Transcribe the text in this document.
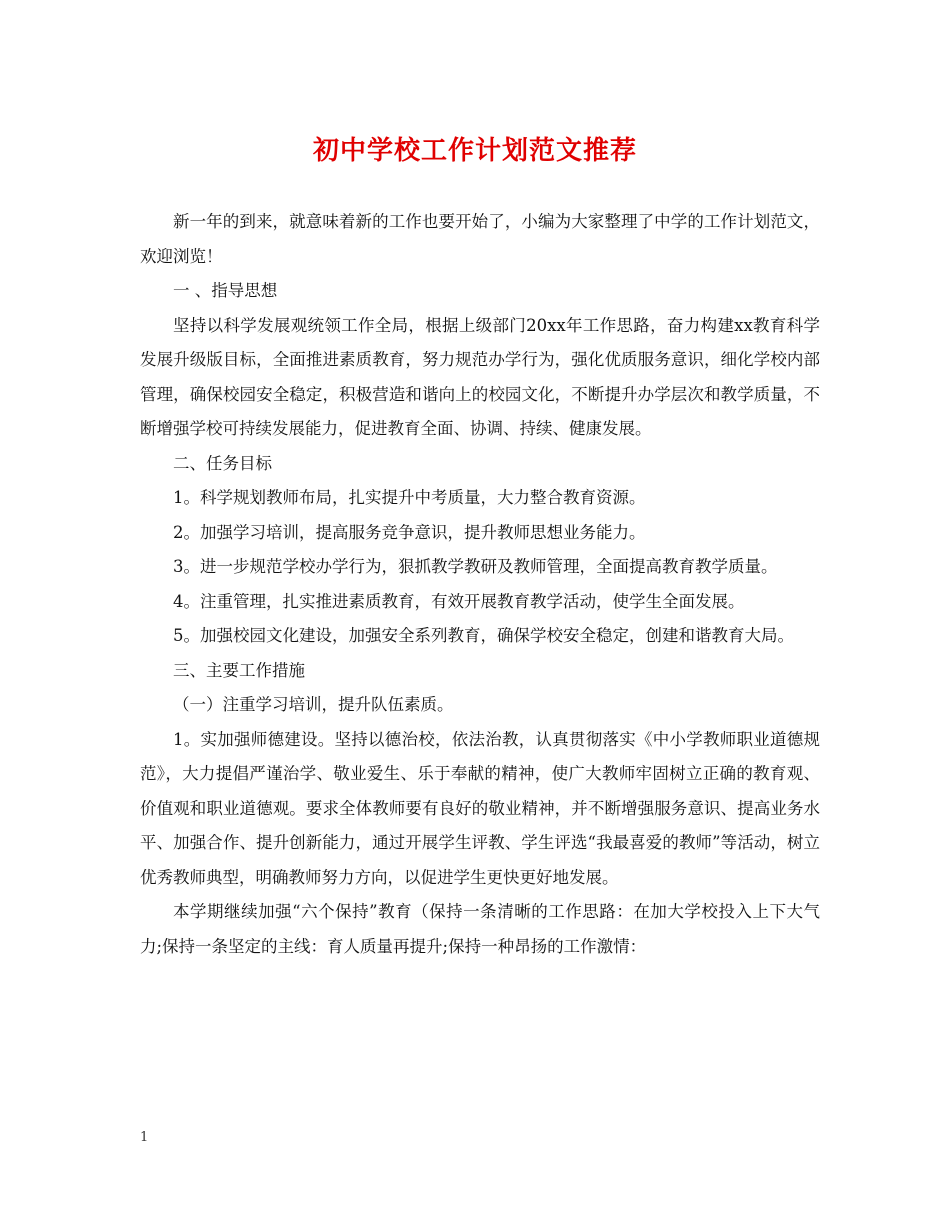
初中学校工作计划范文推荐

新一年的到来，就意味着新的工作也要开始了，小编为大家整理了中学的工作计划范文，欢迎浏览！

一 、指导思想

坚持以科学发展观统领工作全局，根据上级部门20xx年工作思路，奋力构建xx教育科学发展升级版目标，全面推进素质教育，努力规范办学行为，强化优质服务意识，细化学校内部管理，确保校园安全稳定，积极营造和谐向上的校园文化，不断提升办学层次和教学质量，不断增强学校可持续发展能力，促进教育全面、协调、持续、健康发展。

二、任务目标

1。科学规划教师布局，扎实提升中考质量，大力整合教育资源。

2。加强学习培训，提高服务竞争意识，提升教师思想业务能力。

3。进一步规范学校办学行为，狠抓教学教研及教师管理，全面提高教育教学质量。

4。注重管理，扎实推进素质教育，有效开展教育教学活动，使学生全面发展。

5。加强校园文化建设，加强安全系列教育，确保学校安全稳定，创建和谐教育大局。

三、主要工作措施

（一）注重学习培训，提升队伍素质。

1。实加强师德建设。坚持以德治校，依法治教，认真贯彻落实《中小学教师职业道德规范》，大力提倡严谨治学、敬业爱生、乐于奉献的精神，使广大教师牢固树立正确的教育观、价值观和职业道德观。要求全体教师要有良好的敬业精神，并不断增强服务意识、提高业务水平、加强合作、提升创新能力，通过开展学生评教、学生评选“我最喜爱的教师”等活动，树立优秀教师典型，明确教师努力方向，以促进学生更快更好地发展。

本学期继续加强“六个保持”教育（保持一条清晰的工作思路：在加大学校投入上下大气力;保持一条坚定的主线：育人质量再提升;保持一种昂扬的工作激情：

1
